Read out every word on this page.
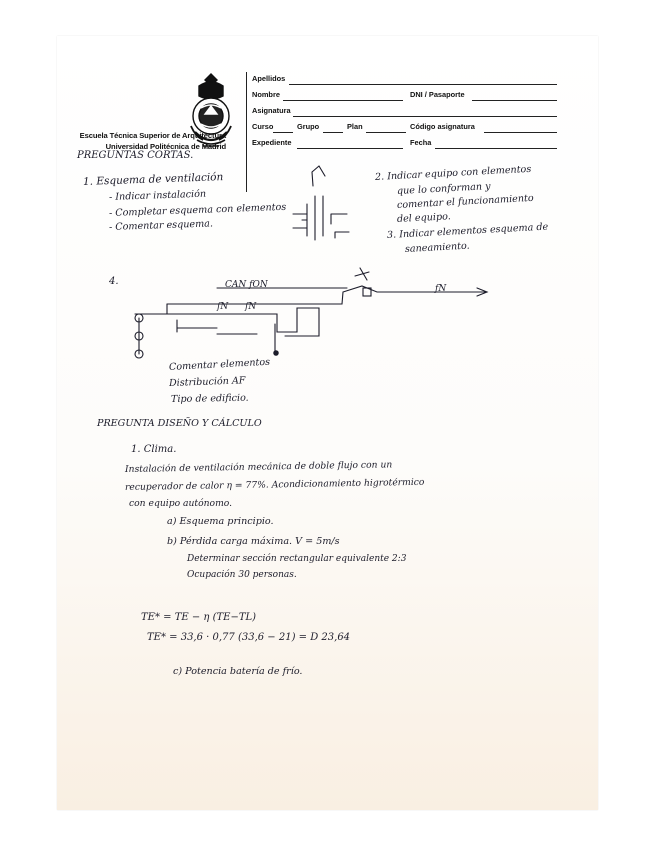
Escuela Técnica Superior de Arquitectura
Universidad Politécnica de Madrid
Apellidos
Nombre	DNI / Pasaporte
Asignatura
Curso	Grupo	Plan	Código asignatura
Expediente	Fecha
PREGUNTAS CORTAS.
1. Esquema de ventilación
- Indicar instalación
- Completar esquema con elementos
- Comentar esquema.
2. Indicar equipo con elementos
que lo conforman y
comentar el funcionamiento
del equipo.
3. Indicar elementos esquema de
saneamiento.
4.	CAN fON	fN
fN fN
Comentar elementos
Distribución AF
Tipo de edificio.
PREGUNTA DISEÑO Y CÁLCULO
1. Clima.
Instalación de ventilación mecánica de doble flujo con un
recuperador de calor η = 77%. Acondicionamiento higrotérmico
con equipo autónomo.
a) Esquema principio.
b) Pérdida carga máxima. V = 5m/s
Determinar sección rectangular equivalente 2:3
Ocupación 30 personas.
TE* = TE − η (TE−TL)
TE* = 33,6 · 0,77 (33,6 − 21) = D 23,64
c) Potencia batería de frío.
